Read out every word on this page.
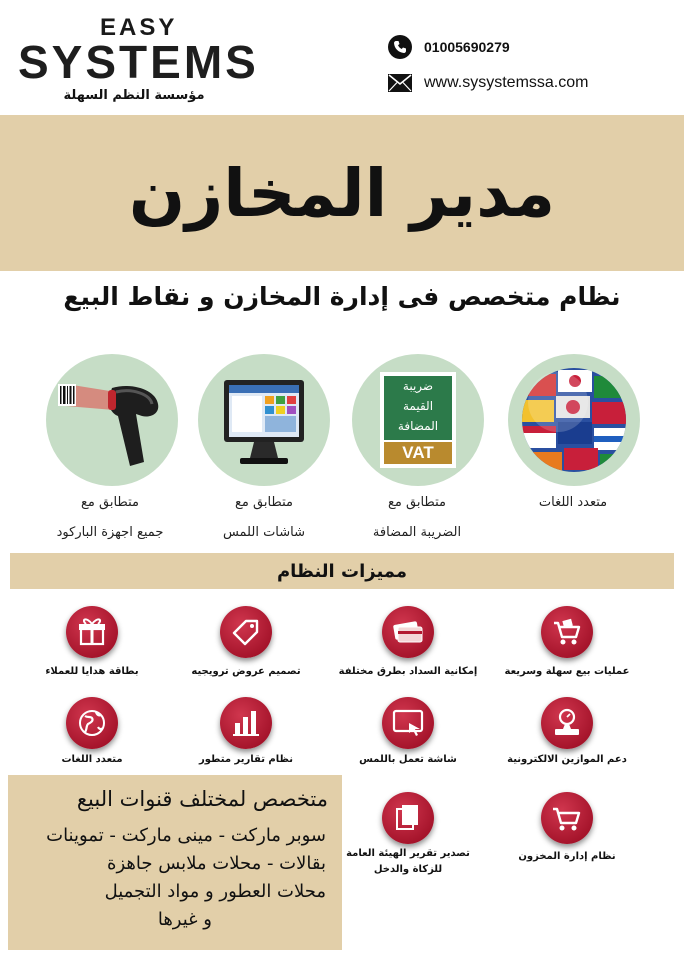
EASY
SYSTEMS
مؤسسة النظم السهلة
01005690279
www.sysystemssa.com
مدير المخازن
نظام متخصص فى إدارة المخازن و نقاط البيع
متعدد اللغات
ضريبة
القيمة
المضافة
VAT
متطابق مع
الضريبة المضافة
متطابق مع
شاشات اللمس
متطابق مع
جميع اجهزة الباركود
مميزات النظام
عمليات بيع سهلة وسريعة
إمكانية السداد بطرق مختلفة
تصميم عروض ترويجيه
بطاقة هدايا للعملاء
دعم الموازين الالكترونية
شاشة تعمل باللمس
نظام تقارير متطور
متعدد اللغات
نظام إدارة المخزون
تصدير تقرير الهيئة العامة
للزكاة والدخل
متخصص لمختلف قنوات البيع
سوبر ماركت - مينى ماركت - تموينات
بقالات - محلات ملابس جاهزة
محلات العطور و مواد التجميل
و غيرها
